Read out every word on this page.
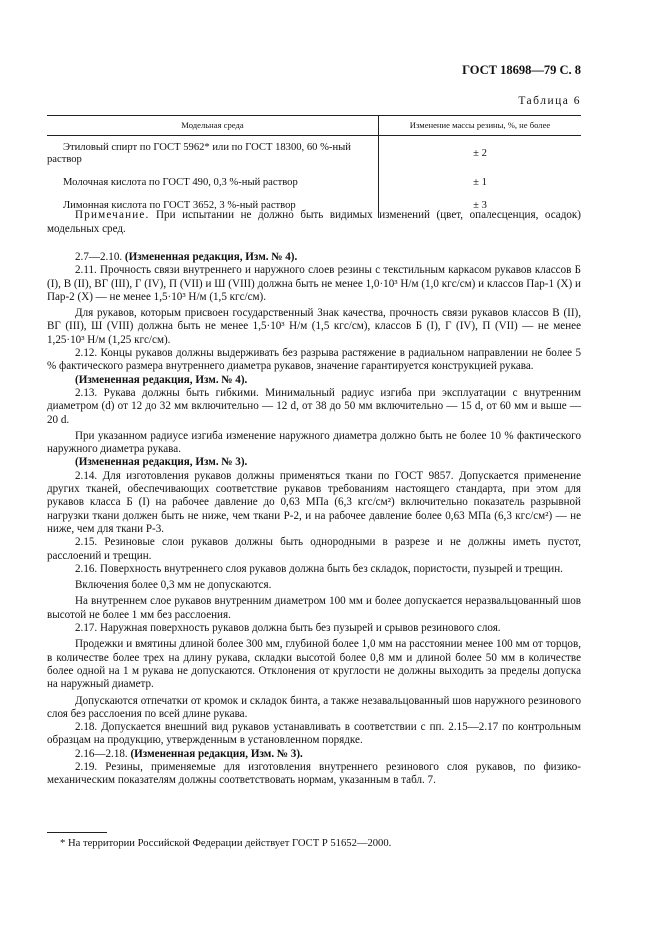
ГОСТ 18698—79 С. 8
Таблица 6
Модельная среда	Изменение массы резины, %, не более

Этиловый спирт по ГОСТ 5962* или по ГОСТ 18300, 60 %-ный раствор	± 2

Молочная кислота по ГОСТ 490, 0,3 %-ный раствор	± 1

Лимонная кислота по ГОСТ 3652, 3 %-ный раствор	± 3
Примечание. При испытании не должно быть видимых изменений (цвет, опалесценция, осадок) модельных сред.

2.7—2.10. (Измененная редакция, Изм. № 4).

2.11. Прочность связи внутреннего и наружного слоев резины с текстильным каркасом рукавов классов Б (I), В (II), ВГ (III), Г (IV), П (VII) и Ш (VIII) должна быть не менее 1,0·10³ Н/м (1,0 кгс/см) и классов Пар-1 (X) и Пар-2 (X) — не менее 1,5·10³ Н/м (1,5 кгс/см).

Для рукавов, которым присвоен государственный Знак качества, прочность связи рукавов классов В (II), ВГ (III), Ш (VIII) должна быть не менее 1,5·10³ Н/м (1,5 кгс/см), классов Б (I), Г (IV), П (VII) — не менее 1,25·10³ Н/м (1,25 кгс/см).

2.12. Концы рукавов должны выдерживать без разрыва растяжение в радиальном направлении не более 5 % фактического размера внутреннего диаметра рукавов, значение гарантируется конструкцией рукава.

(Измененная редакция, Изм. № 4).

2.13. Рукава должны быть гибкими. Минимальный радиус изгиба при эксплуатации с внутренним диаметром (d) от 12 до 32 мм включительно — 12 d, от 38 до 50 мм включительно — 15 d, от 60 мм и выше — 20 d.

При указанном радиусе изгиба изменение наружного диаметра должно быть не более 10 % фактического наружного диаметра рукава.

(Измененная редакция, Изм. № 3).

2.14. Для изготовления рукавов должны применяться ткани по ГОСТ 9857. Допускается применение других тканей, обеспечивающих соответствие рукавов требованиям настоящего стандарта, при этом для рукавов класса Б (I) на рабочее давление до 0,63 МПа (6,3 кгс/см²) включительно показатель разрывной нагрузки ткани должен быть не ниже, чем ткани Р-2, и на рабочее давление более 0,63 МПа (6,3 кгс/см²) — не ниже, чем для ткани Р-3.

2.15. Резиновые слои рукавов должны быть однородными в разрезе и не должны иметь пустот, расслоений и трещин.

2.16. Поверхность внутреннего слоя рукавов должна быть без складок, пористости, пузырей и трещин.

Включения более 0,3 мм не допускаются.

На внутреннем слое рукавов внутренним диаметром 100 мм и более допускается неразвальцованный шов высотой не более 1 мм без расслоения.

2.17. Наружная поверхность рукавов должна быть без пузырей и срывов резинового слоя.

Продежки и вмятины длиной более 300 мм, глубиной более 1,0 мм на расстоянии менее 100 мм от торцов, в количестве более трех на длину рукава, складки высотой более 0,8 мм и длиной более 50 мм в количестве более одной на 1 м рукава не допускаются. Отклонения от круглости не должны выходить за пределы допуска на наружный диаметр.

Допускаются отпечатки от кромок и складок бинта, а также незавальцованный шов наружного резинового слоя без расслоения по всей длине рукава.

2.18. Допускается внешний вид рукавов устанавливать в соответствии с пп. 2.15—2.17 по контрольным образцам на продукцию, утвержденным в установленном порядке.

2.16—2.18. (Измененная редакция, Изм. № 3).

2.19. Резины, применяемые для изготовления внутреннего резинового слоя рукавов, по физико-механическим показателям должны соответствовать нормам, указанным в табл. 7.

* На территории Российской Федерации действует ГОСТ Р 51652—2000.
